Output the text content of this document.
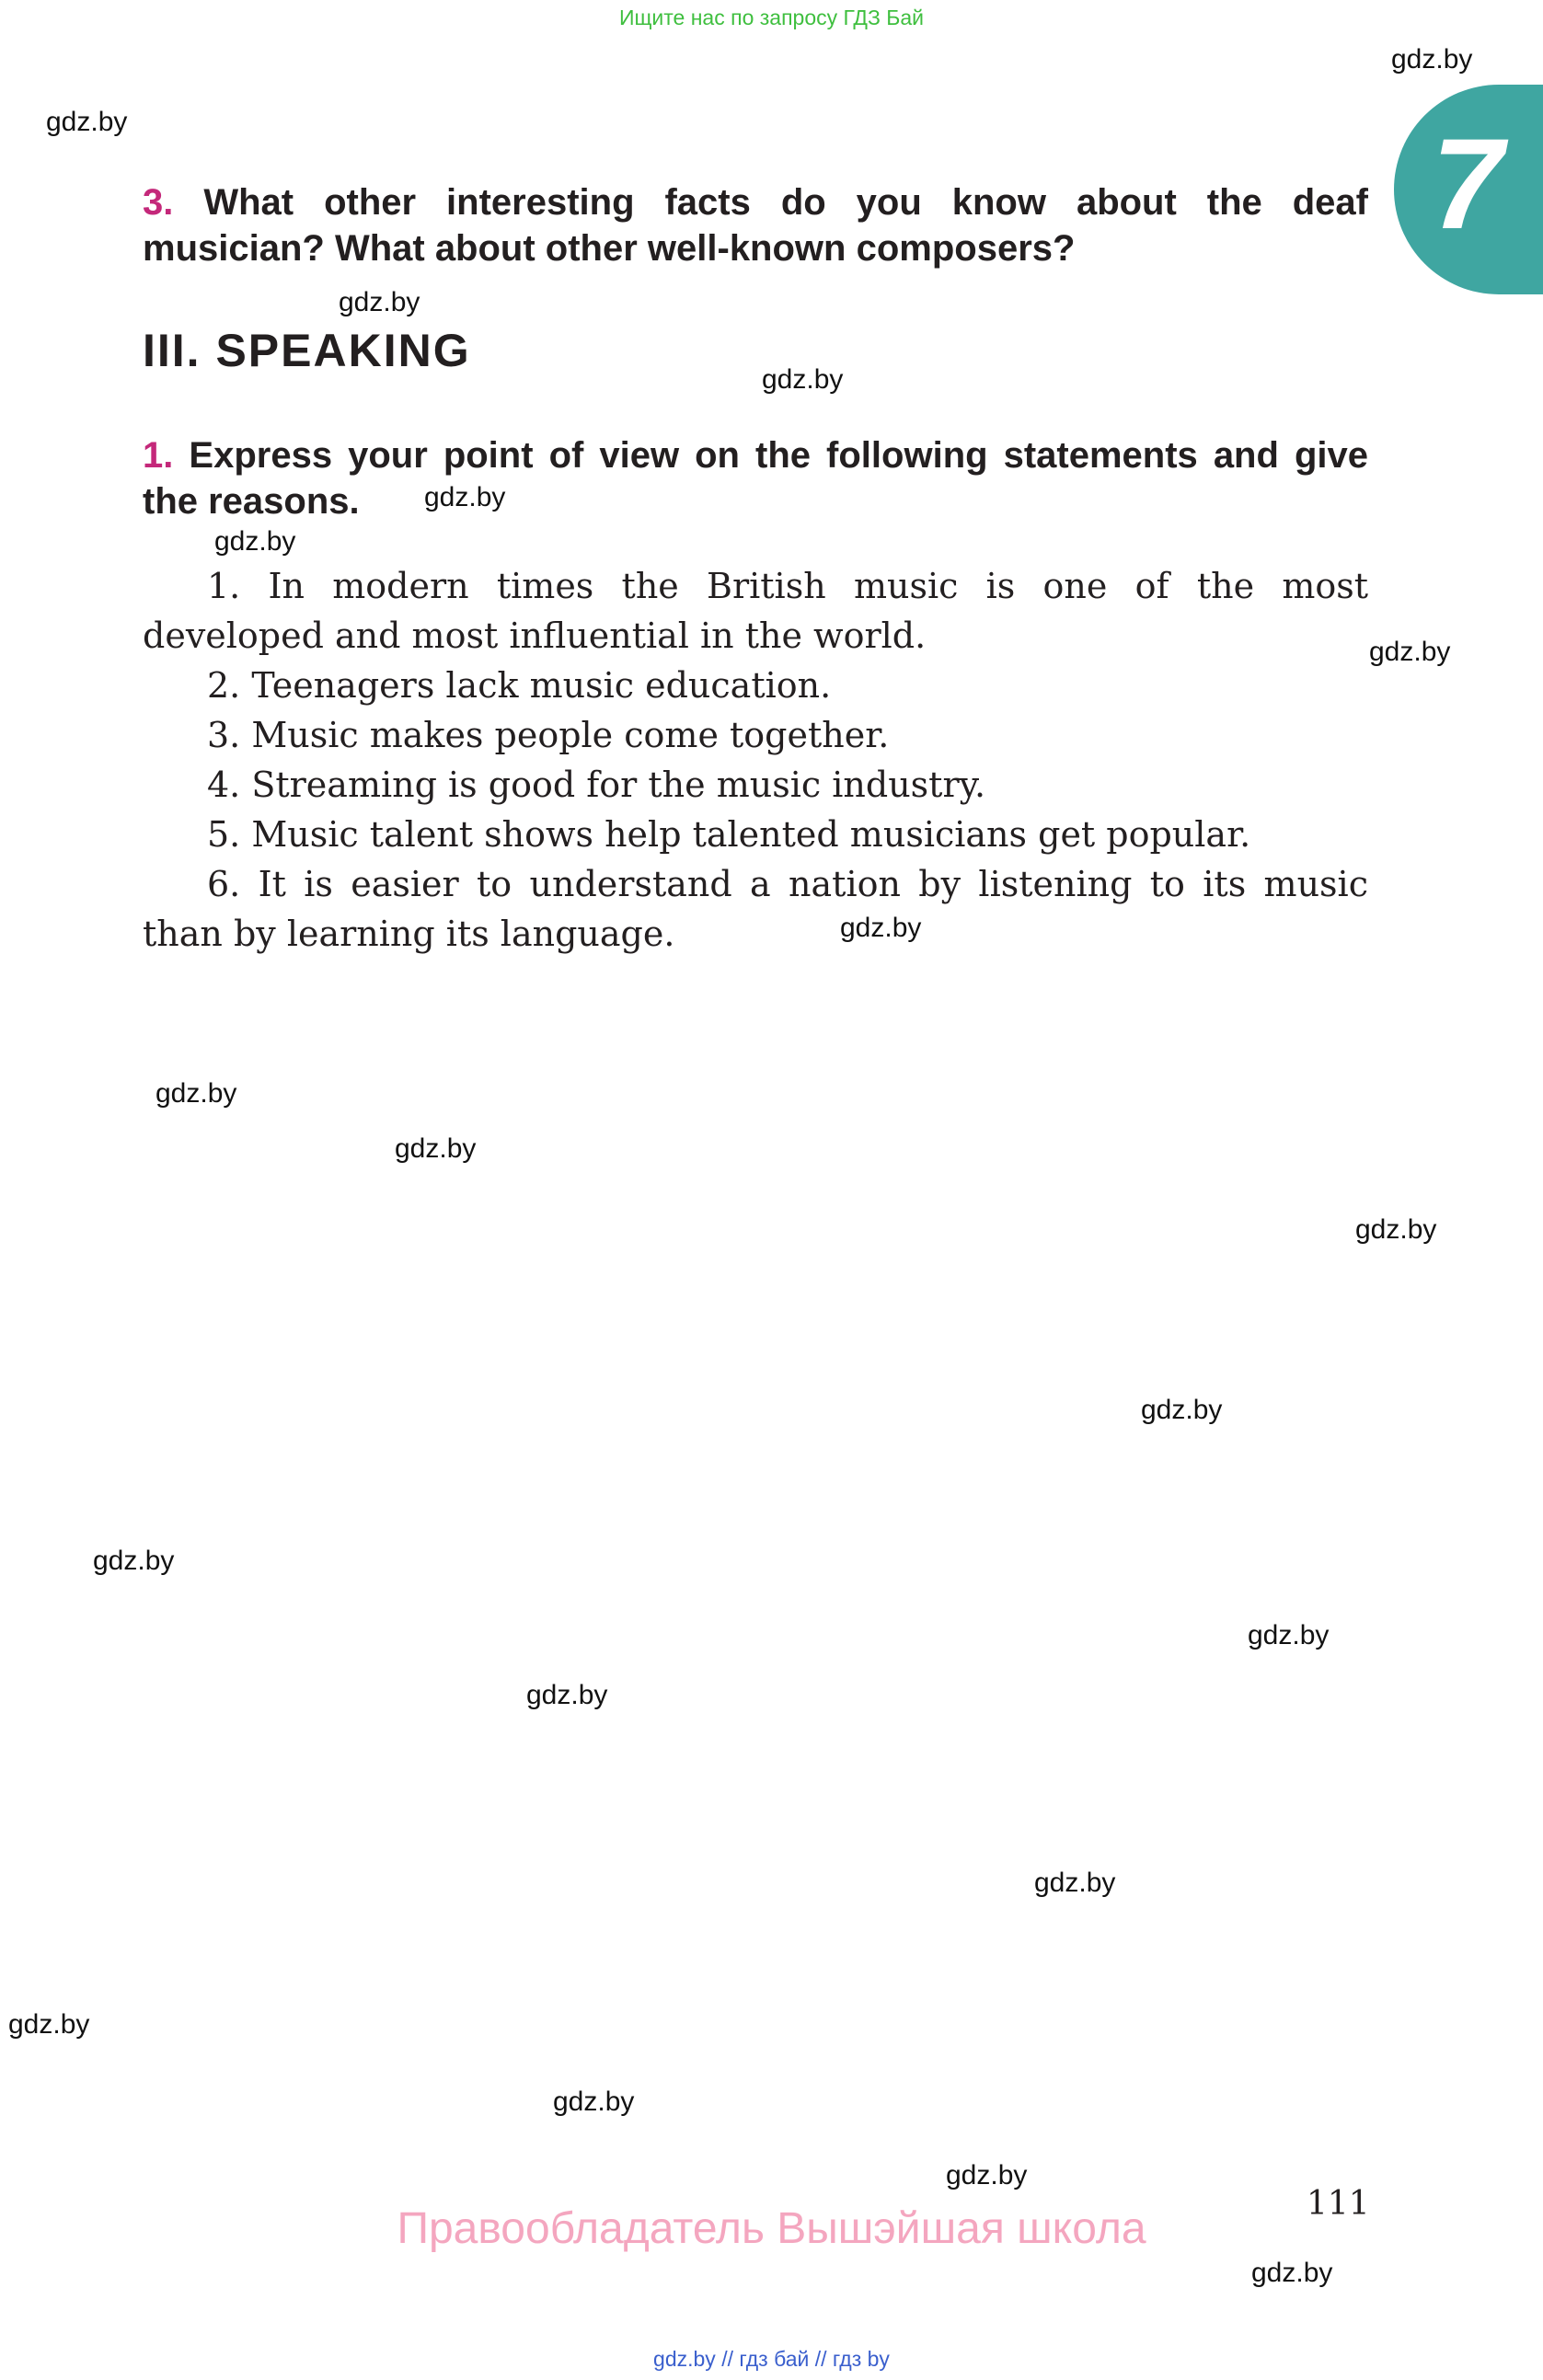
Ищите нас по запросу ГДЗ Бай
7
3. What other interesting facts do you know about the deaf
musician? What about other well-known composers?
III. SPEAKING
1. Express your point of view on the following statements and give
the reasons.
1. In modern times the British music is one of the most
developed and most influential in the world.
2. Teenagers lack music education.
3. Music makes people come together.
4. Streaming is good for the music industry.
5. Music talent shows help talented musicians get popular.
6. It is easier to understand a nation by listening to its music
than by learning its language.
gdz.by
gdz.by
gdz.by
gdz.by
gdz.by
gdz.by
gdz.by
gdz.by
gdz.by
gdz.by
gdz.by
gdz.by
gdz.by
gdz.by
gdz.by
gdz.by
gdz.by
gdz.by
gdz.by
gdz.by
111
Правообладатель Вышэйшая школа
gdz.by // гдз бай // гдз by
